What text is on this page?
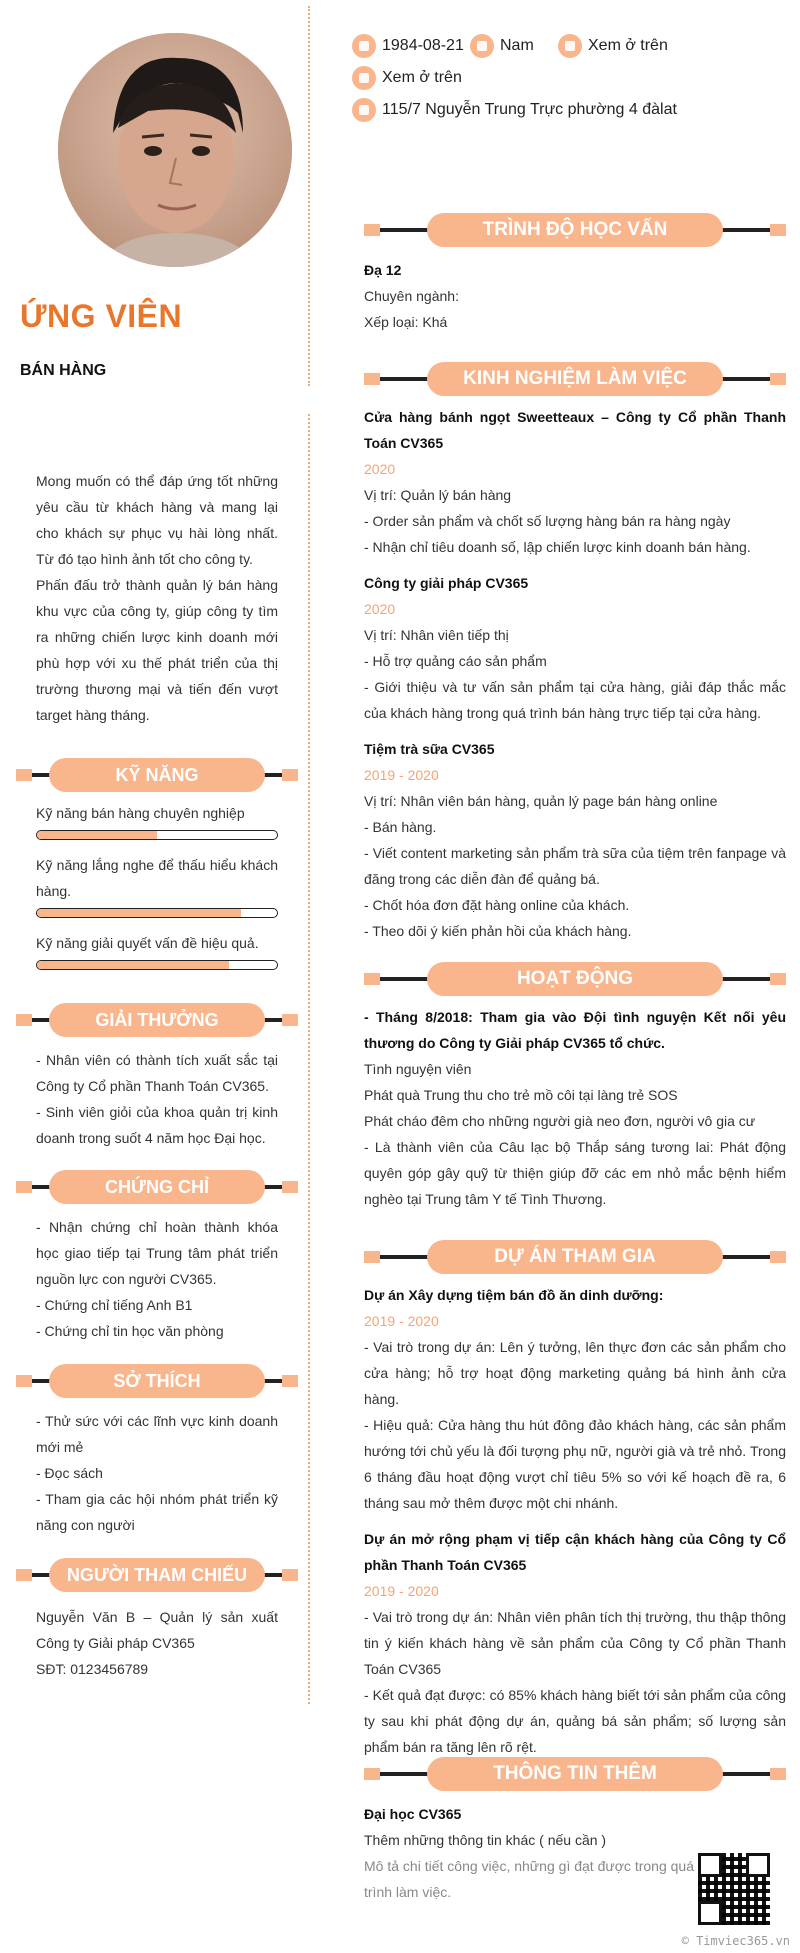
ỨNG VIÊN
BÁN HÀNG

Mong muốn có thể đáp ứng tốt những yêu cầu từ khách hàng và mang lại cho khách sự phục vụ hài lòng nhất. Từ đó tạo hình ảnh tốt cho công ty.

Phấn đấu trở thành quản lý bán hàng khu vực của công ty, giúp công ty tìm ra những chiến lược kinh doanh mới phù hợp với xu thế phát triển của thị trường thương mại và tiến đến vượt target hàng tháng.

KỸ NĂNG
Kỹ năng bán hàng chuyên nghiệp
Kỹ năng lắng nghe để thấu hiểu khách hàng.
Kỹ năng giải quyết vấn đề hiệu quả.
GIẢI THƯỞNG

- Nhân viên có thành tích xuất sắc tại Công ty Cổ phần Thanh Toán CV365.

- Sinh viên giỏi của khoa quản trị kinh doanh trong suốt 4 năm học Đại học.

CHỨNG CHỈ

- Nhận chứng chỉ hoàn thành khóa học giao tiếp tại Trung tâm phát triển nguồn lực con người CV365.

- Chứng chỉ tiếng Anh B1

- Chứng chỉ tin học văn phòng

SỞ THÍCH

- Thử sức với các lĩnh vực kinh doanh mới mẻ

- Đọc sách

- Tham gia các hội nhóm phát triển kỹ năng con người

NGƯỜI THAM CHIẾU

Nguyễn Văn B – Quản lý sản xuất Công ty Giải pháp CV365

SĐT: 0123456789

1984-08-21 Nam	Xem ở trên
Xem ở trên
115/7 Nguyễn Trung Trực phường 4 đàlat
TRÌNH ĐỘ HỌC VẤN

Đạ 12

Chuyên ngành:

Xếp loại: Khá

KINH NGHIỆM LÀM VIỆC

Cửa hàng bánh ngọt Sweetteaux – Công ty Cổ phần Thanh Toán CV365

2020

Vị trí: Quản lý bán hàng

- Order sản phẩm và chốt số lượng hàng bán ra hàng ngày

- Nhận chỉ tiêu doanh số, lập chiến lược kinh doanh bán hàng.

Công ty giải pháp CV365

2020

Vị trí: Nhân viên tiếp thị

- Hỗ trợ quảng cáo sản phẩm

- Giới thiệu và tư vấn sản phẩm tại cửa hàng, giải đáp thắc mắc của khách hàng trong quá trình bán hàng trực tiếp tại cửa hàng.

Tiệm trà sữa CV365

2019 - 2020

Vị trí: Nhân viên bán hàng, quản lý page bán hàng online

- Bán hàng.

- Viết content marketing sản phẩm trà sữa của tiệm trên fanpage và đăng trong các diễn đàn để quảng bá.

- Chốt hóa đơn đặt hàng online của khách.

- Theo dõi ý kiến phản hồi của khách hàng.

HOẠT ĐỘNG

- Tháng 8/2018: Tham gia vào Đội tình nguyện Kết nối yêu thương do Công ty Giải pháp CV365 tổ chức.

Tình nguyện viên

Phát quà Trung thu cho trẻ mồ côi tại làng trẻ SOS

Phát cháo đêm cho những người già neo đơn, người vô gia cư

- Là thành viên của Câu lạc bộ Thắp sáng tương lai: Phát động quyên góp gây quỹ từ thiện giúp đỡ các em nhỏ mắc bệnh hiểm nghèo tại Trung tâm Y tế Tình Thương.

DỰ ÁN THAM GIA

Dự án Xây dựng tiệm bán đồ ăn dinh dưỡng:

2019 - 2020

- Vai trò trong dự án: Lên ý tưởng, lên thực đơn các sản phẩm cho cửa hàng; hỗ trợ hoạt động marketing quảng bá hình ảnh cửa hàng.

- Hiệu quả: Cửa hàng thu hút đông đảo khách hàng, các sản phẩm hướng tới chủ yếu là đối tượng phụ nữ, người già và trẻ nhỏ. Trong 6 tháng đầu hoạt động vượt chỉ tiêu 5% so với kế hoạch đề ra, 6 tháng sau mở thêm được một chi nhánh.

Dự án mở rộng phạm vị tiếp cận khách hàng của Công ty Cổ phần Thanh Toán CV365

2019 - 2020

- Vai trò trong dự án: Nhân viên phân tích thị trường, thu thập thông tin ý kiến khách hàng về sản phẩm của Công ty Cổ phần Thanh Toán CV365

- Kết quả đạt được: có 85% khách hàng biết tới sản phẩm của công ty sau khi phát động dự án, quảng bá sản phẩm; số lượng sản phẩm bán ra tăng lên rõ rệt.

THÔNG TIN THÊM

Đại học CV365

Thêm những thông tin khác ( nếu cần )

Mô tả chi tiết công việc, những gì đạt được trong quá trình làm việc.

© Timviec365.vn
